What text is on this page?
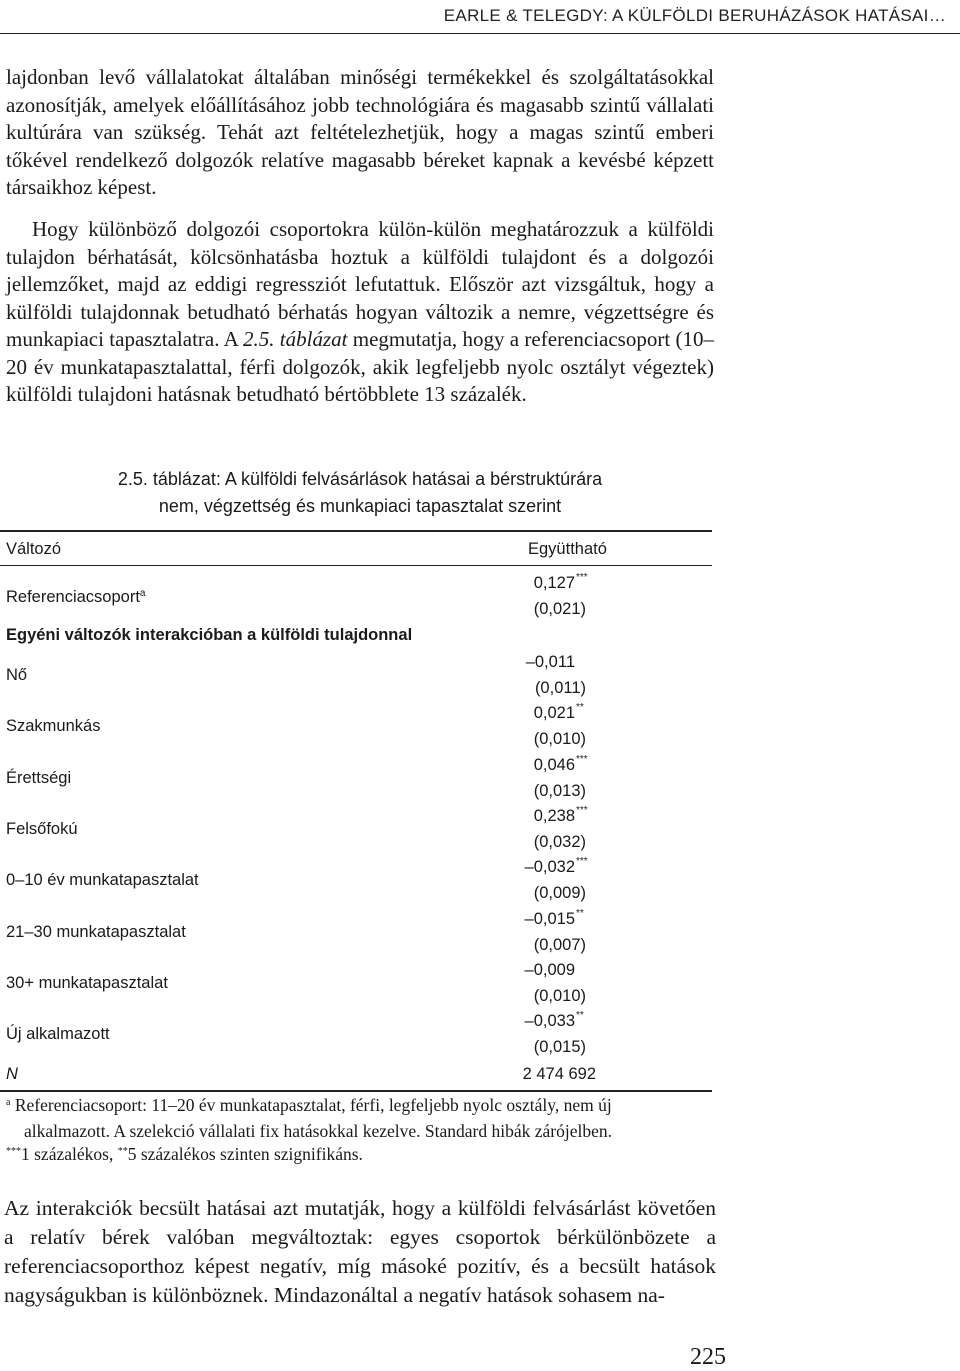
EARLE & TELEGDY: A KÜLFÖLDI BERUHÁZÁSOK HATÁSAI…

lajdonban levő vállalatokat általában minőségi termékekkel és szolgáltatásokkal azonosítják, amelyek előállításához jobb technológiára és magasabb szintű vállalati kultúrára van szükség. Tehát azt feltételezhetjük, hogy a magas szintű emberi tőkével rendelkező dolgozók relatíve magasabb béreket kapnak a kevésbé képzett társaikhoz képest.

Hogy különböző dolgozói csoportokra külön-külön meghatározzuk a külföldi tulajdon bérhatását, kölcsönhatásba hoztuk a külföldi tulajdont és a dolgozói jellemzőket, majd az eddigi regressziót lefutattuk. Először azt vizsgáltuk, hogy a külföldi tulajdonnak betudható bérhatás hogyan változik a nemre, végzettségre és munkapiaci tapasztalatra. A 2.5. táblázat megmutatja, hogy a referenciacsoport (10–20 év munkatapasztalattal, férfi dolgozók, akik legfeljebb nyolc osztályt végeztek) külföldi tulajdoni hatásnak betudható bértöbblete 13 százalék.

2.5. táblázat: A külföldi felvásárlások hatásai a bérstruktúrára
nem, végzettség és munkapiaci tapasztalat szerint
Változó	Együttható
Referenciacsoport$^a$
0,127***
(0,021)
Egyéni változók interakcióban a külföldi tulajdonnal
Nő
–0,011
(0,011)
Szakmunkás
0,021**
(0,010)
Érettségi
0,046***
(0,013)
Felsőfokú
0,238***
(0,032)
0–10 év munkatapasztalat
–0,032***
(0,009)
21–30 munkatapasztalat
–0,015**
(0,007)
30+ munkatapasztalat
–0,009
(0,010)
Új alkalmazott
–0,033**
(0,015)
N	2 474 692
$^a$ Referenciacsoport: 11–20 év munkatapasztalat, férfi, legfeljebb nyolc osztály, nem új
alkalmazott. A szelekció vállalati fix hatásokkal kezelve. Standard hibák zárójelben.
***1 százalékos, **5 százalékos szinten szignifikáns.

Az interakciók becsült hatásai azt mutatják, hogy a külföldi felvásárlást követően a relatív bérek valóban megváltoztak: egyes csoportok bérkülönbözete a referenciacsoporthoz képest negatív, míg másoké pozitív, és a becsült hatások nagyságukban is különböznek. Mindazonáltal a negatív hatások sohasem na-

225
